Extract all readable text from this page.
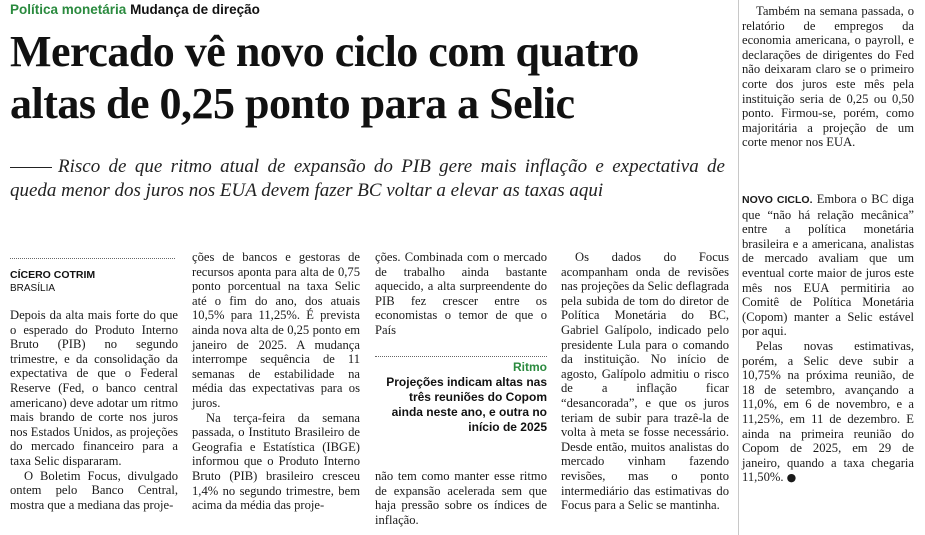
Política monetária Mudança de direção
Mercado vê novo ciclo com quatro altas de 0,25 ponto para a Selic

Risco de que ritmo atual de expansão do PIB gere mais inflação e expectativa de queda menor dos juros nos EUA devem fazer BC voltar a elevar as taxas aqui

CÍCERO COTRIM
BRASÍLIA

Depois da alta mais forte do que o esperado do Produto Interno Bruto (PIB) no segundo trimestre, e da consolidação da expectativa de que o Federal Reserve (Fed, o banco central americano) deve adotar um ritmo mais brando de corte nos juros nos Estados Unidos, as projeções do mercado financeiro para a taxa Selic dispararam.

O Boletim Focus, divulgado ontem pelo Banco Central, mostra que a mediana das proje-

ções de bancos e gestoras de recursos aponta para alta de 0,75 ponto porcentual na taxa Selic até o fim do ano, dos atuais 10,5% para 11,25%. É prevista ainda nova alta de 0,25 ponto em janeiro de 2025. A mudança interrompe sequência de 11 semanas de estabilidade na média das expectativas para os juros.

Na terça-feira da semana passada, o Instituto Brasileiro de Geografia e Estatística (IBGE) informou que o Produto Interno Bruto (PIB) brasileiro cresceu 1,4% no segundo trimestre, bem acima da média das proje-

ções. Combinada com o mercado de trabalho ainda bastante aquecido, a alta surpreendente do PIB fez crescer entre os economistas o temor de que o País

Ritmo
Projeções indicam altas nas três reuniões do Copom ainda neste ano, e outra no início de 2025

não tem como manter esse ritmo de expansão acelerada sem que haja pressão sobre os índices de inflação.

Os dados do Focus acompanham onda de revisões nas projeções da Selic deflagrada pela subida de tom do diretor de Política Monetária do BC, Gabriel Galípolo, indicado pelo presidente Lula para o comando da instituição. No início de agosto, Galípolo admitiu o risco de a inflação ficar “desancorada”, e que os juros teriam de subir para trazê-la de volta à meta se fosse necessário. Desde então, muitos analistas do mercado vinham fazendo revisões, mas o ponto intermediário das estimativas do Focus para a Selic se mantinha.

Também na semana passada, o relatório de empregos da economia americana, o payroll, e declarações de dirigentes do Fed não deixaram claro se o primeiro corte dos juros este mês pela instituição seria de 0,25 ou 0,50 ponto. Firmou-se, porém, como majoritária a projeção de um corte menor nos EUA.

NOVO CICLO. Embora o BC diga que “não há relação mecânica” entre a política monetária brasileira e a americana, analistas de mercado avaliam que um eventual corte maior de juros este mês nos EUA permitiria ao Comitê de Política Monetária (Copom) manter a Selic estável por aqui.

Pelas novas estimativas, porém, a Selic deve subir a 10,75% na próxima reunião, de 18 de setembro, avançando a 11,0%, em 6 de novembro, e a 11,25%, em 11 de dezembro. E ainda na primeira reunião do Copom de 2025, em 29 de janeiro, quando a taxa chegaria 11,50%. ●
